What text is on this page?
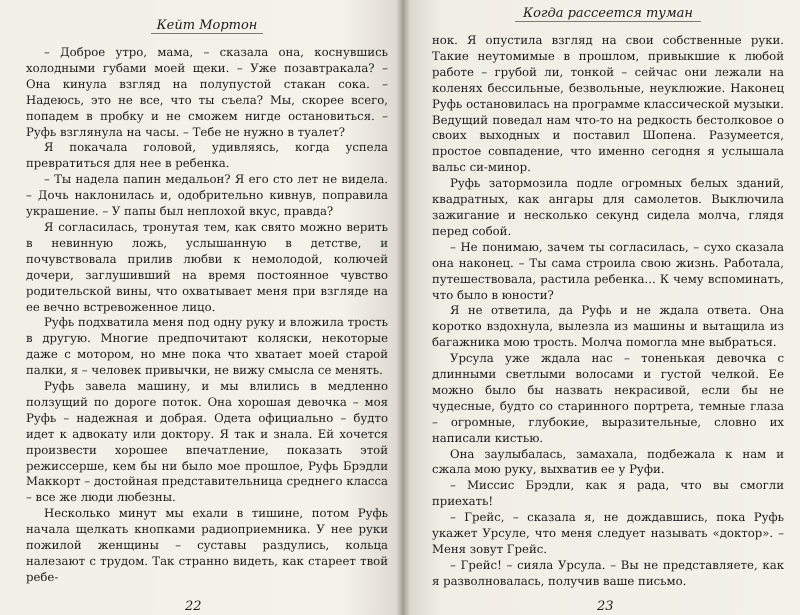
Кейт Мортон

– Доброе утро, мама, – сказала она, коснувшись холодными губами моей щеки. – Уже позавтракала? – Она кинула взгляд на полупустой стакан сока. – Надеюсь, это не все, что ты съела? Мы, скорее всего, попадем в пробку и не сможем нигде остановиться. – Руфь взглянула на часы. – Тебе не нужно в туалет?

Я покачала головой, удивляясь, когда успела превратиться для нее в ребенка.

– Ты надела папин медальон? Я его сто лет не видела. – Дочь наклонилась и, одобрительно кивнув, поправила украшение. – У папы был неплохой вкус, правда?

Я согласилась, тронутая тем, как свято можно верить в невинную ложь, услышанную в детстве, и почувствовала прилив любви к немолодой, колючей дочери, заглушивший на время постоянное чувство родительской вины, что охватывает меня при взгляде на ее вечно встревоженное лицо.

Руфь подхватила меня под одну руку и вложила трость в другую. Многие предпочитают коляски, некоторые даже с мотором, но мне пока что хватает моей старой палки, я – человек привычки, не вижу смысла се менять.

Руфь завела машину, и мы влились в медленно ползущий по дороге поток. Она хорошая девочка – моя Руфь – надежная и добрая. Одета официально – будто идет к адвокату или доктору. Я так и знала. Ей хочется произвести хорошее впечатление, показать этой режиссерше, кем бы ни было мое прошлое, Руфь Брэдли Маккорт – достойная представительница среднего класса – все же люди любезны.

Несколько минут мы ехали в тишине, потом Руфь начала щелкать кнопками радиоприемника. У нее руки пожилой женщины – суставы раздулись, кольца налезают с трудом. Так странно видеть, как стареет твой ребе-

22
Когда рассеется туман

нок. Я опустила взгляд на свои собственные руки. Такие неутомимые в прошлом, привыкшие к любой работе – грубой ли, тонкой – сейчас они лежали на коленях бессильные, безвольные, неуклюжие. Наконец Руфь остановилась на программе классической музыки. Ведущий поведал нам что-то на редкость бестолковое о своих выходных и поставил Шопена. Разумеется, простое совпадение, что именно сегодня я услышала вальс си-минор.

Руфь затормозила подле огромных белых зданий, квадратных, как ангары для самолетов. Выключила зажигание и несколько секунд сидела молча, глядя перед собой.

– Не понимаю, зачем ты согласилась, – сухо сказала она наконец. – Ты сама строила свою жизнь. Работала, путешествовала, растила ребенка... К чему вспоминать, что было в юности?

Я не ответила, да Руфь и не ждала ответа. Она коротко вздохнула, вылезла из машины и вытащила из багажника мою трость. Молча помогла мне выбраться.

Урсула уже ждала нас – тоненькая девочка с длинными светлыми волосами и густой челкой. Ее можно было бы назвать некрасивой, если бы не чудесные, будто со старинного портрета, темные глаза – огромные, глубокие, выразительные, словно их написали кистью.

Она заулыбалась, замахала, подбежала к нам и сжала мою руку, выхватив ее у Руфи.

– Миссис Брэдли, как я рада, что вы смогли приехать!

– Грейс, – сказала я, не дождавшись, пока Руфь укажет Урсуле, что меня следует называть «доктор». – Меня зовут Грейс.

– Грейс! – сияла Урсула. – Вы не представляете, как я разволновалась, получив ваше письмо.

23
